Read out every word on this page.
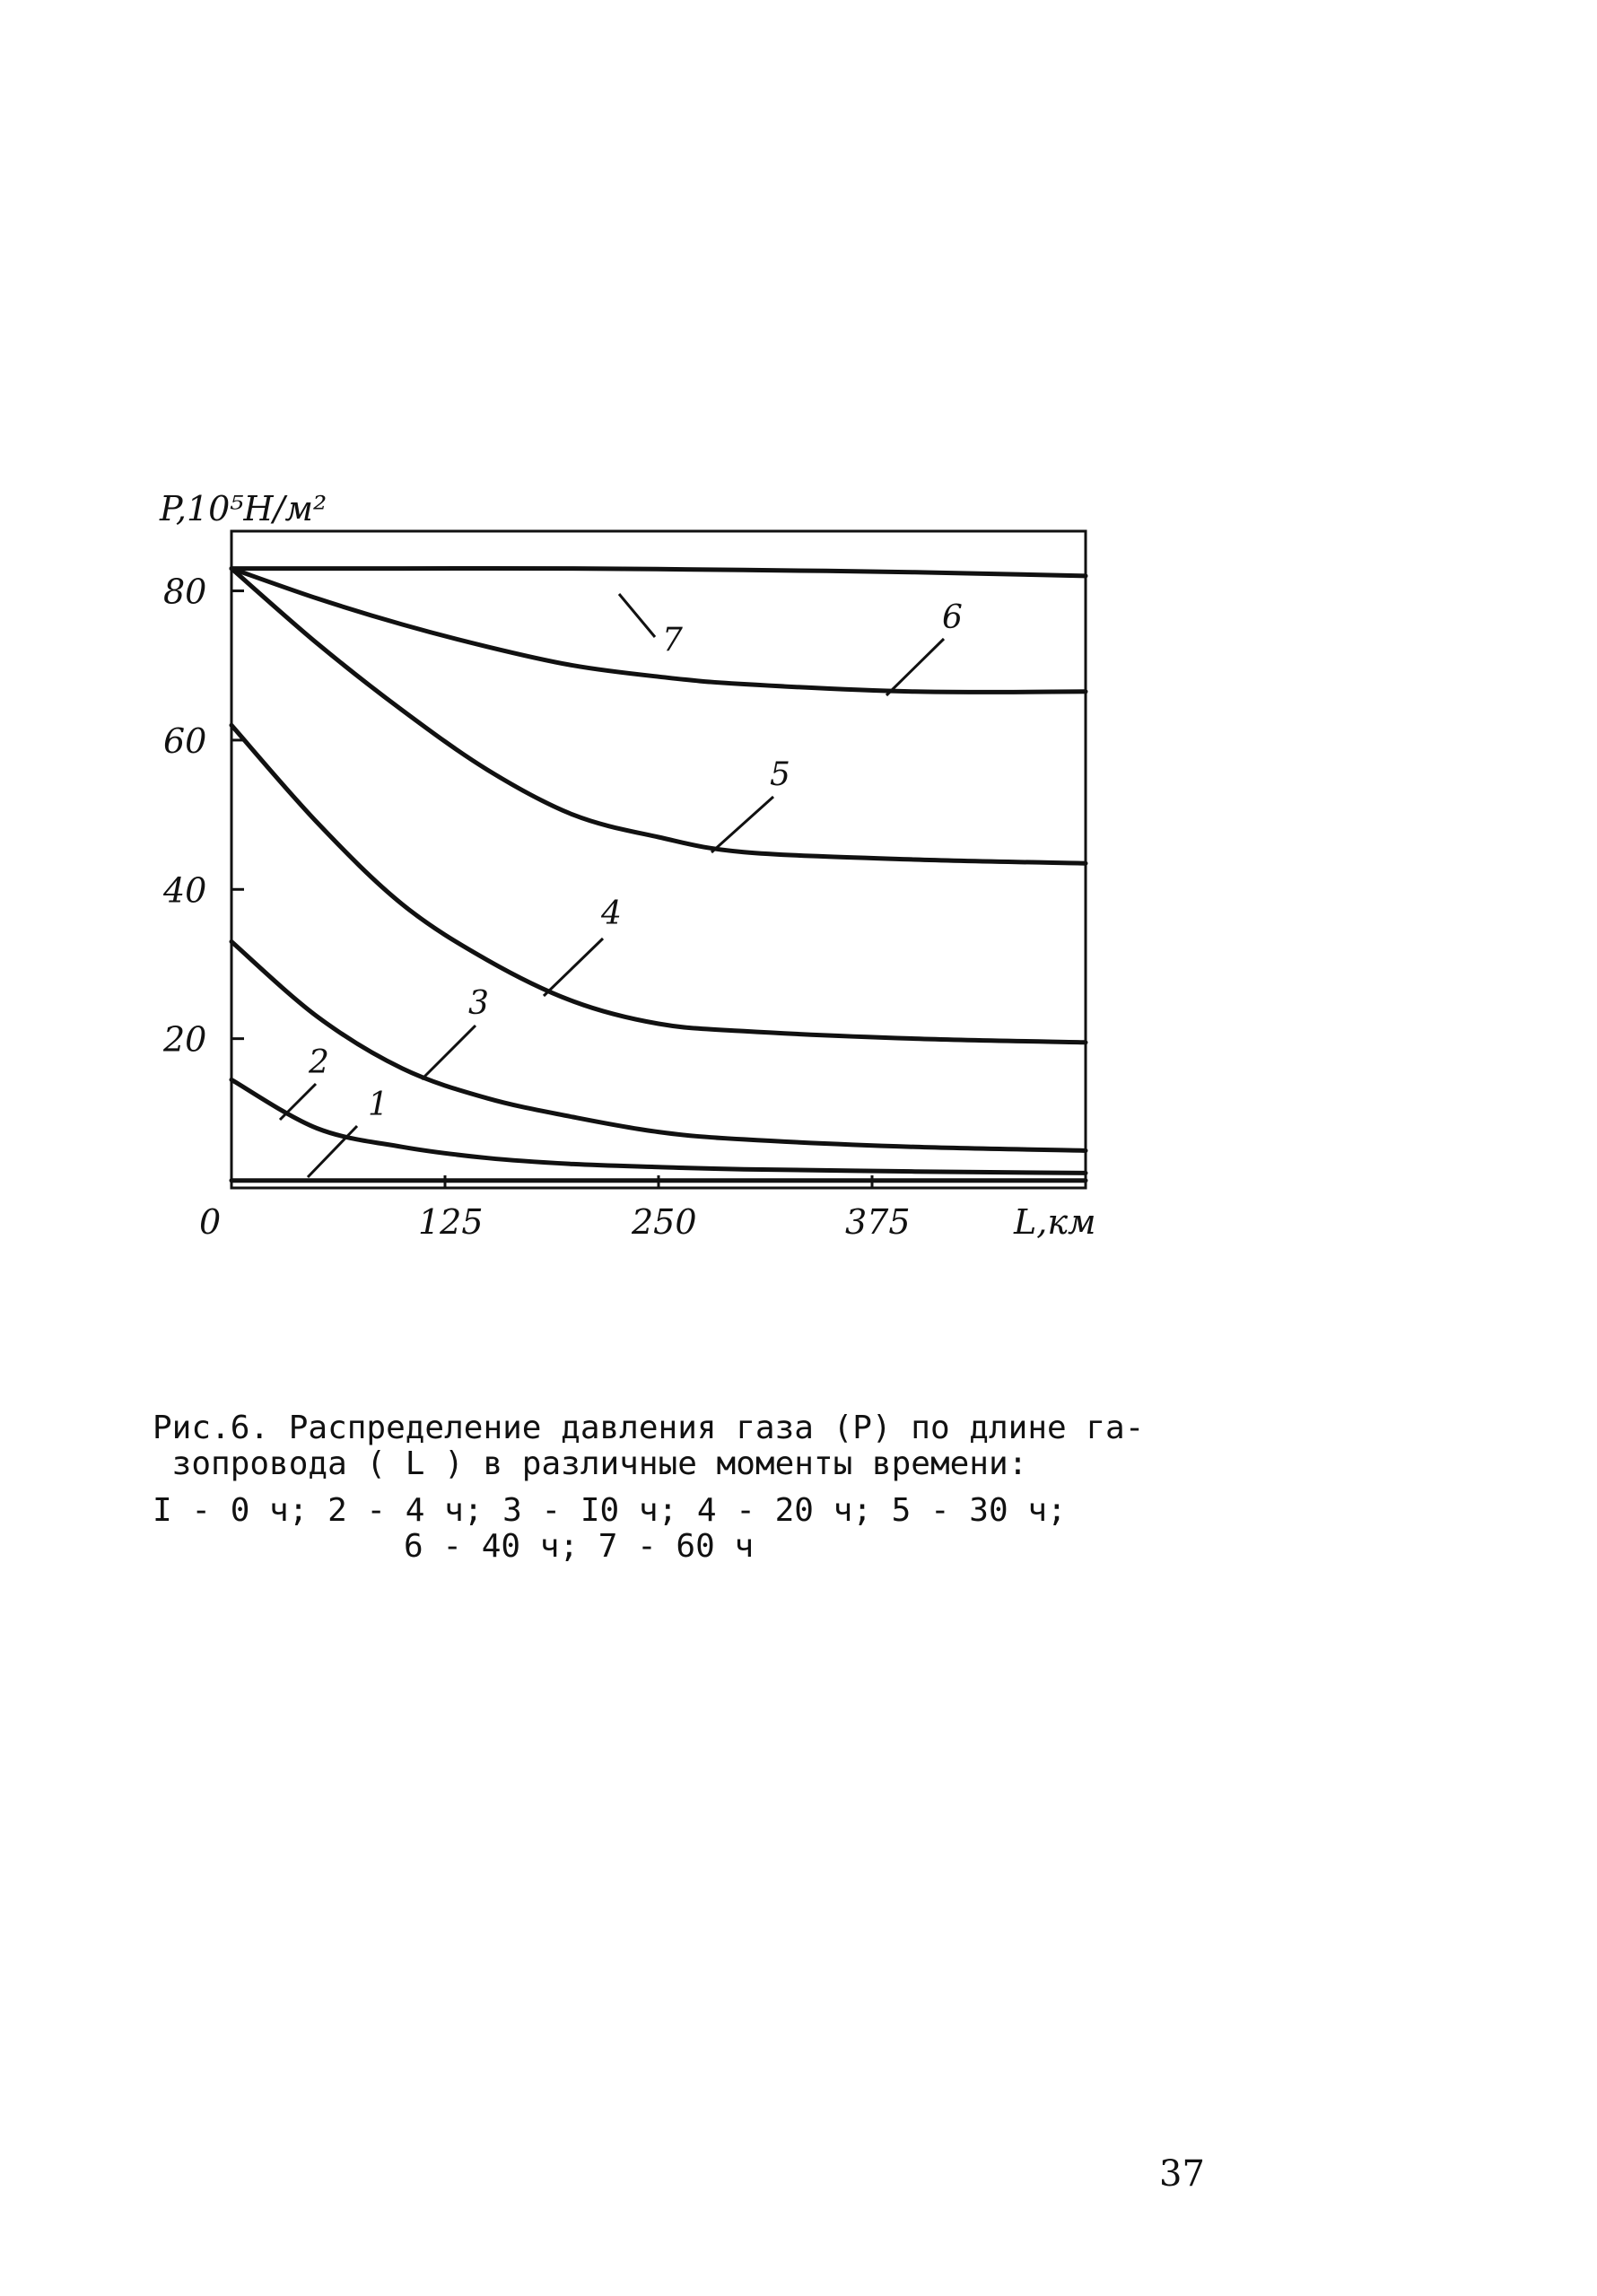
P,10⁵H/м²
0	125	250	375
20
40
60
80
1
2
3
4
5
6
7
L,км
Рис.6. Распределение давления газа (Р) по длине га-
зопровода ( L ) в различные моменты времени:
I - 0 ч; 2 - 4 ч; 3 - I0 ч; 4 - 20 ч; 5 - 30 ч;
6 - 40 ч; 7 - 60 ч
37
